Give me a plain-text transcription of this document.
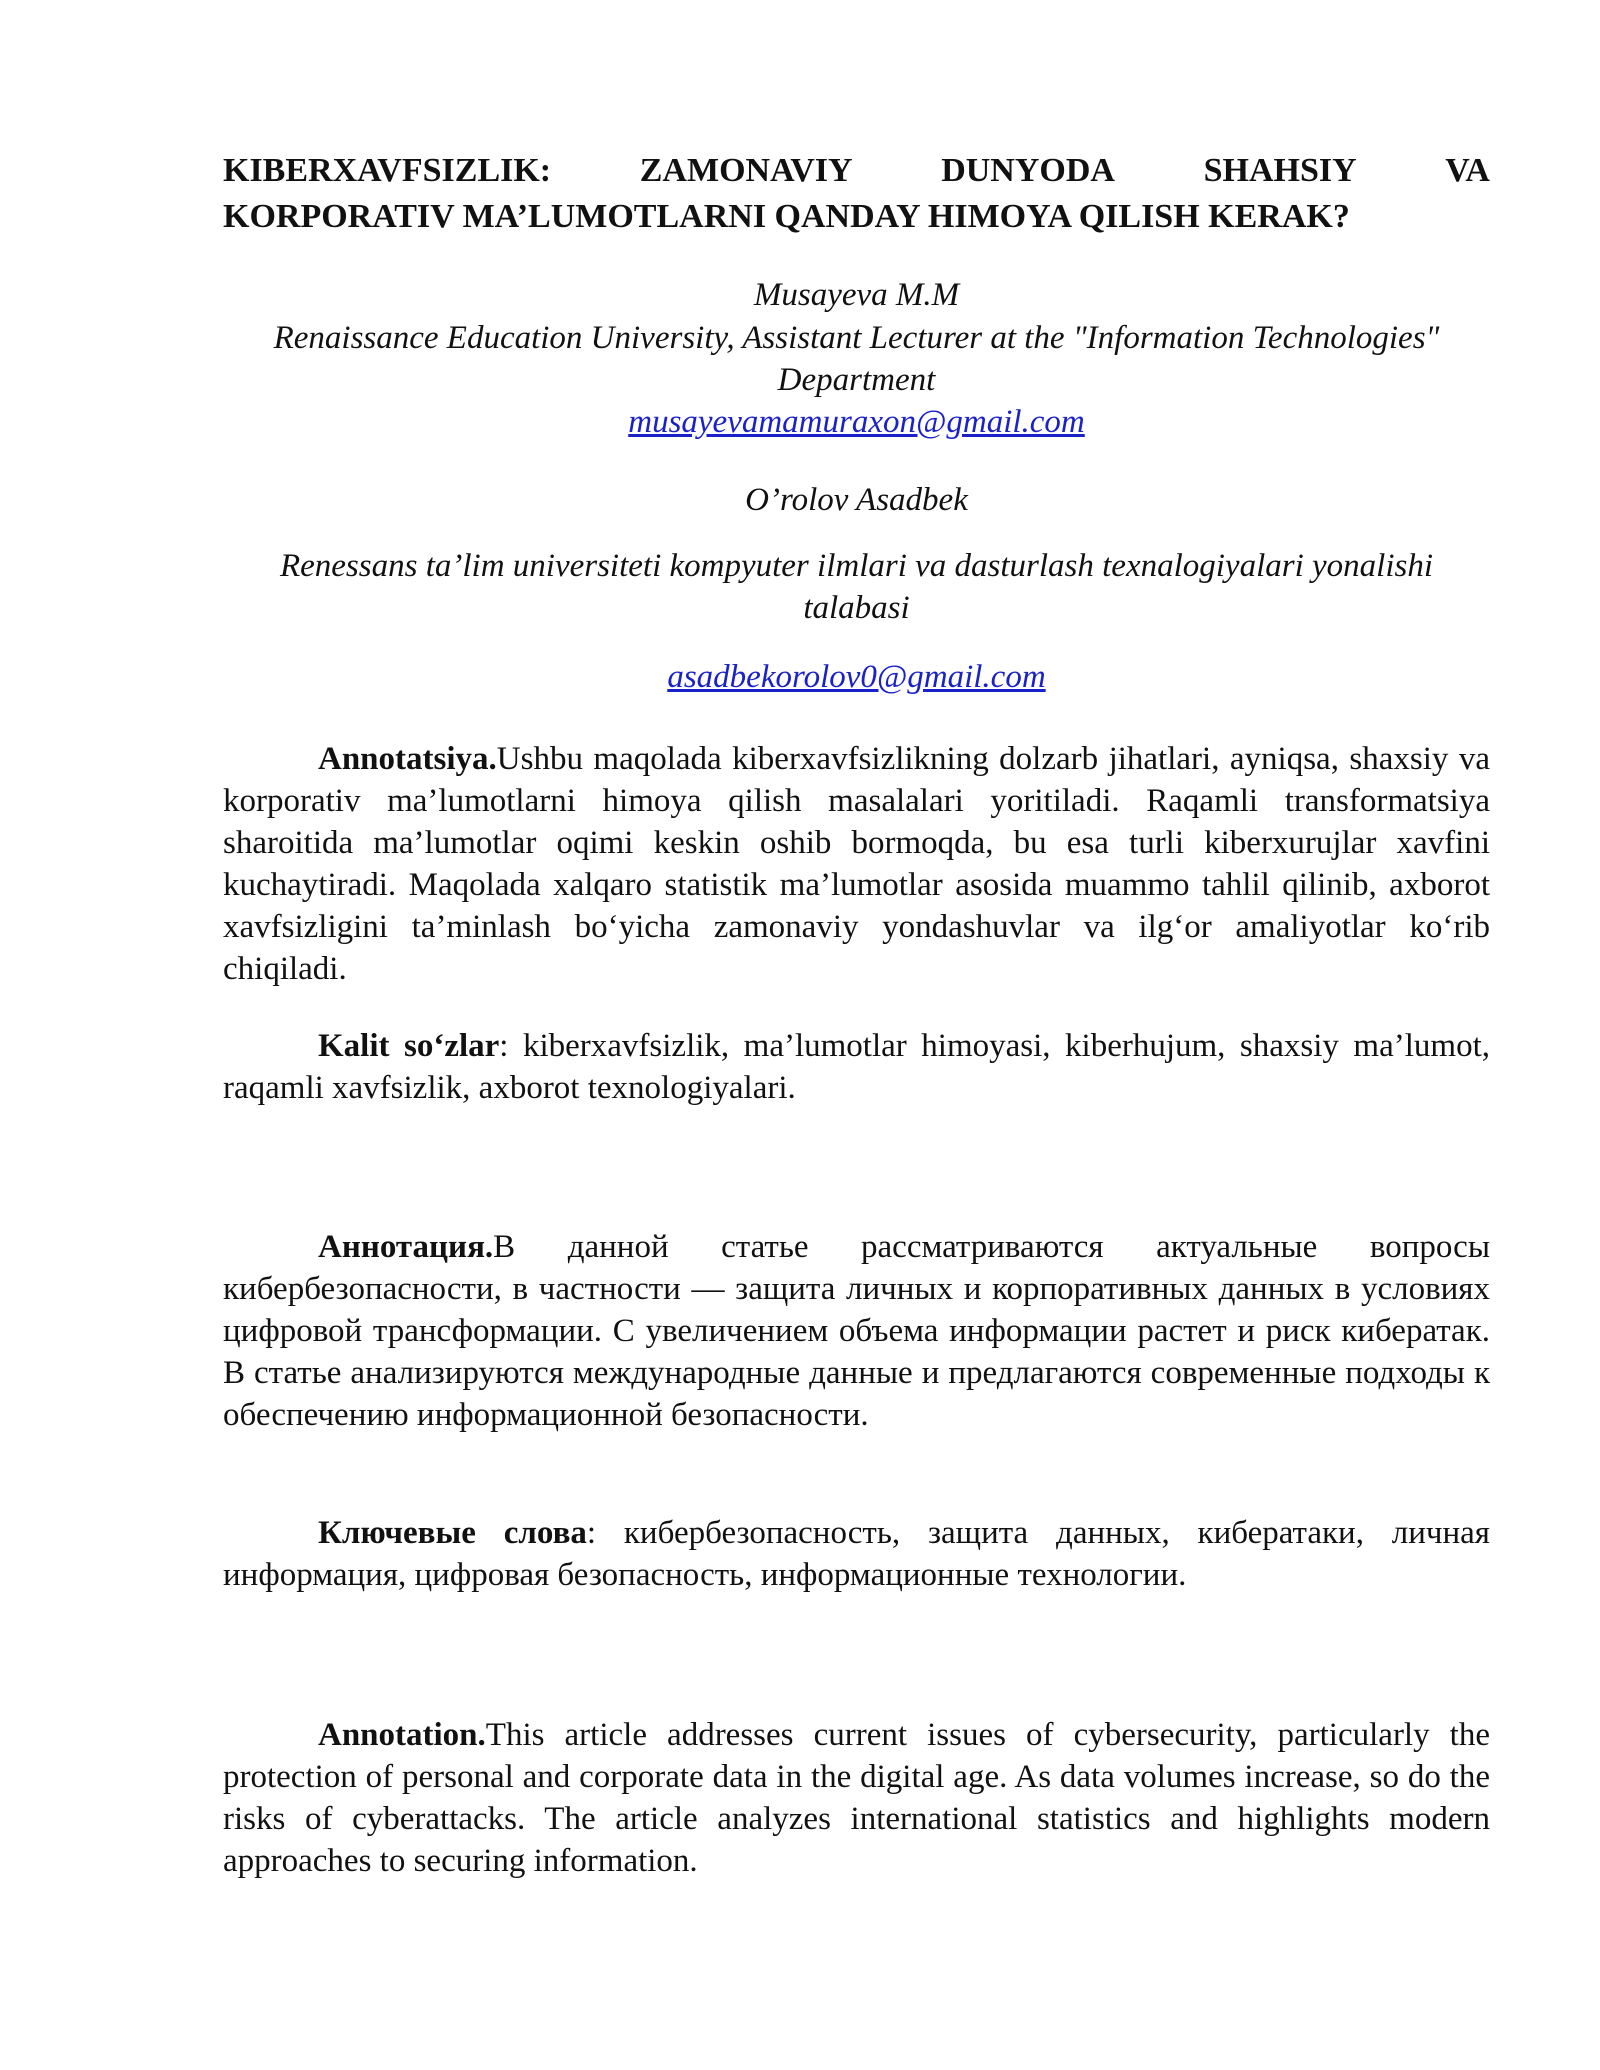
KIBERXAVFSIZLIK:	ZAMONAVIY	DUNYODA	SHAHSIY	VA
KORPORATIV MA’LUMOTLARNI QANDAY HIMOYA QILISH KERAK?

Musayeva M.M

Renaissance Education University, Assistant Lecturer at the "Information Technologies" Department

musayevamamuraxon@gmail.com

O’rolov Asadbek

Renessans ta’lim universiteti kompyuter ilmlari va dasturlash texnalogiyalari yonalishi talabasi

asadbekorolov0@gmail.com

Annotatsiya.Ushbu maqolada kiberxavfsizlikning dolzarb jihatlari, ayniqsa, shaxsiy va korporativ ma’lumotlarni himoya qilish masalalari yoritiladi. Raqamli transformatsiya sharoitida ma’lumotlar oqimi keskin oshib bormoqda, bu esa turli kiberxurujlar xavfini kuchaytiradi. Maqolada xalqaro statistik ma’lumotlar asosida muammo tahlil qilinib, axborot xavfsizligini ta’minlash bo‘yicha zamonaviy yondashuvlar va ilg‘or amaliyotlar ko‘rib chiqiladi.

Kalit so‘zlar: kiberxavfsizlik, ma’lumotlar himoyasi, kiberhujum, shaxsiy ma’lumot, raqamli xavfsizlik, axborot texnologiyalari.

Аннотация.В данной статье рассматриваются актуальные вопросы кибербезопасности, в частности — защита личных и корпоративных данных в условиях цифровой трансформации. С увеличением объема информации растет и риск кибератак. В статье анализируются международные данные и предлагаются современные подходы к обеспечению информационной безопасности.

Ключевые слова: кибербезопасность, защита данных, кибератаки, личная информация, цифровая безопасность, информационные технологии.

Annotation.This article addresses current issues of cybersecurity, particularly the protection of personal and corporate data in the digital age. As data volumes increase, so do the risks of cyberattacks. The article analyzes international statistics and highlights modern approaches to securing information.
